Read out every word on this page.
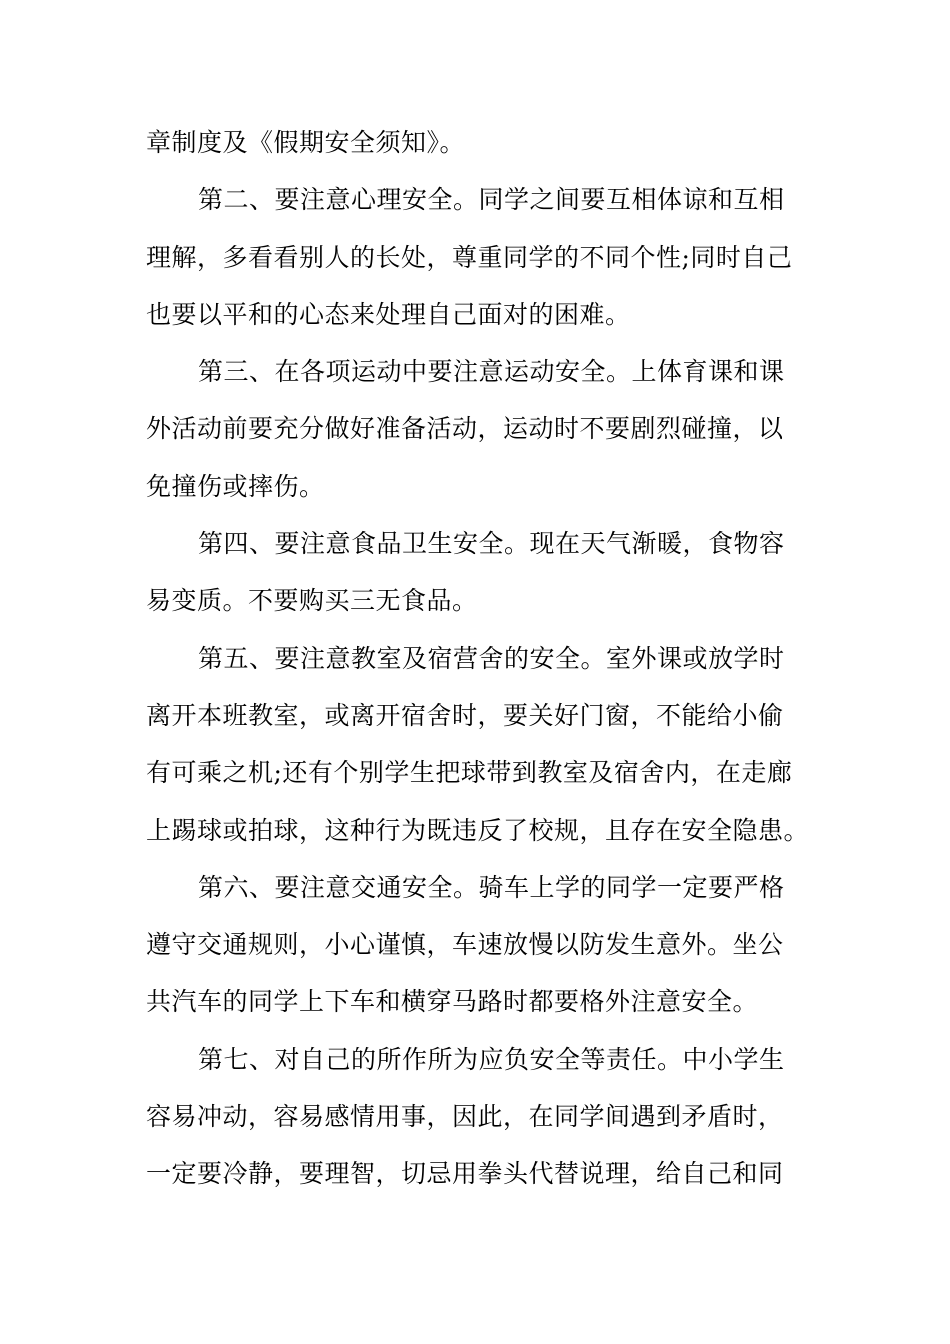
章制度及《假期安全须知》。
第二、要注意心理安全。同学之间要互相体谅和互相
理解，多看看别人的长处，尊重同学的不同个性;同时自己
也要以平和的心态来处理自己面对的困难。
第三、在各项运动中要注意运动安全。上体育课和课
外活动前要充分做好准备活动，运动时不要剧烈碰撞，以
免撞伤或摔伤。
第四、要注意食品卫生安全。现在天气渐暖，食物容
易变质。不要购买三无食品。
第五、要注意教室及宿营舍的安全。室外课或放学时
离开本班教室，或离开宿舍时，要关好门窗，不能给小偷
有可乘之机;还有个别学生把球带到教室及宿舍内，在走廊
上踢球或拍球，这种行为既违反了校规，且存在安全隐患。
第六、要注意交通安全。骑车上学的同学一定要严格
遵守交通规则，小心谨慎，车速放慢以防发生意外。坐公
共汽车的同学上下车和横穿马路时都要格外注意安全。
第七、对自己的所作所为应负安全等责任。中小学生
容易冲动，容易感情用事，因此，在同学间遇到矛盾时，
一定要冷静，要理智，切忌用拳头代替说理，给自己和同
